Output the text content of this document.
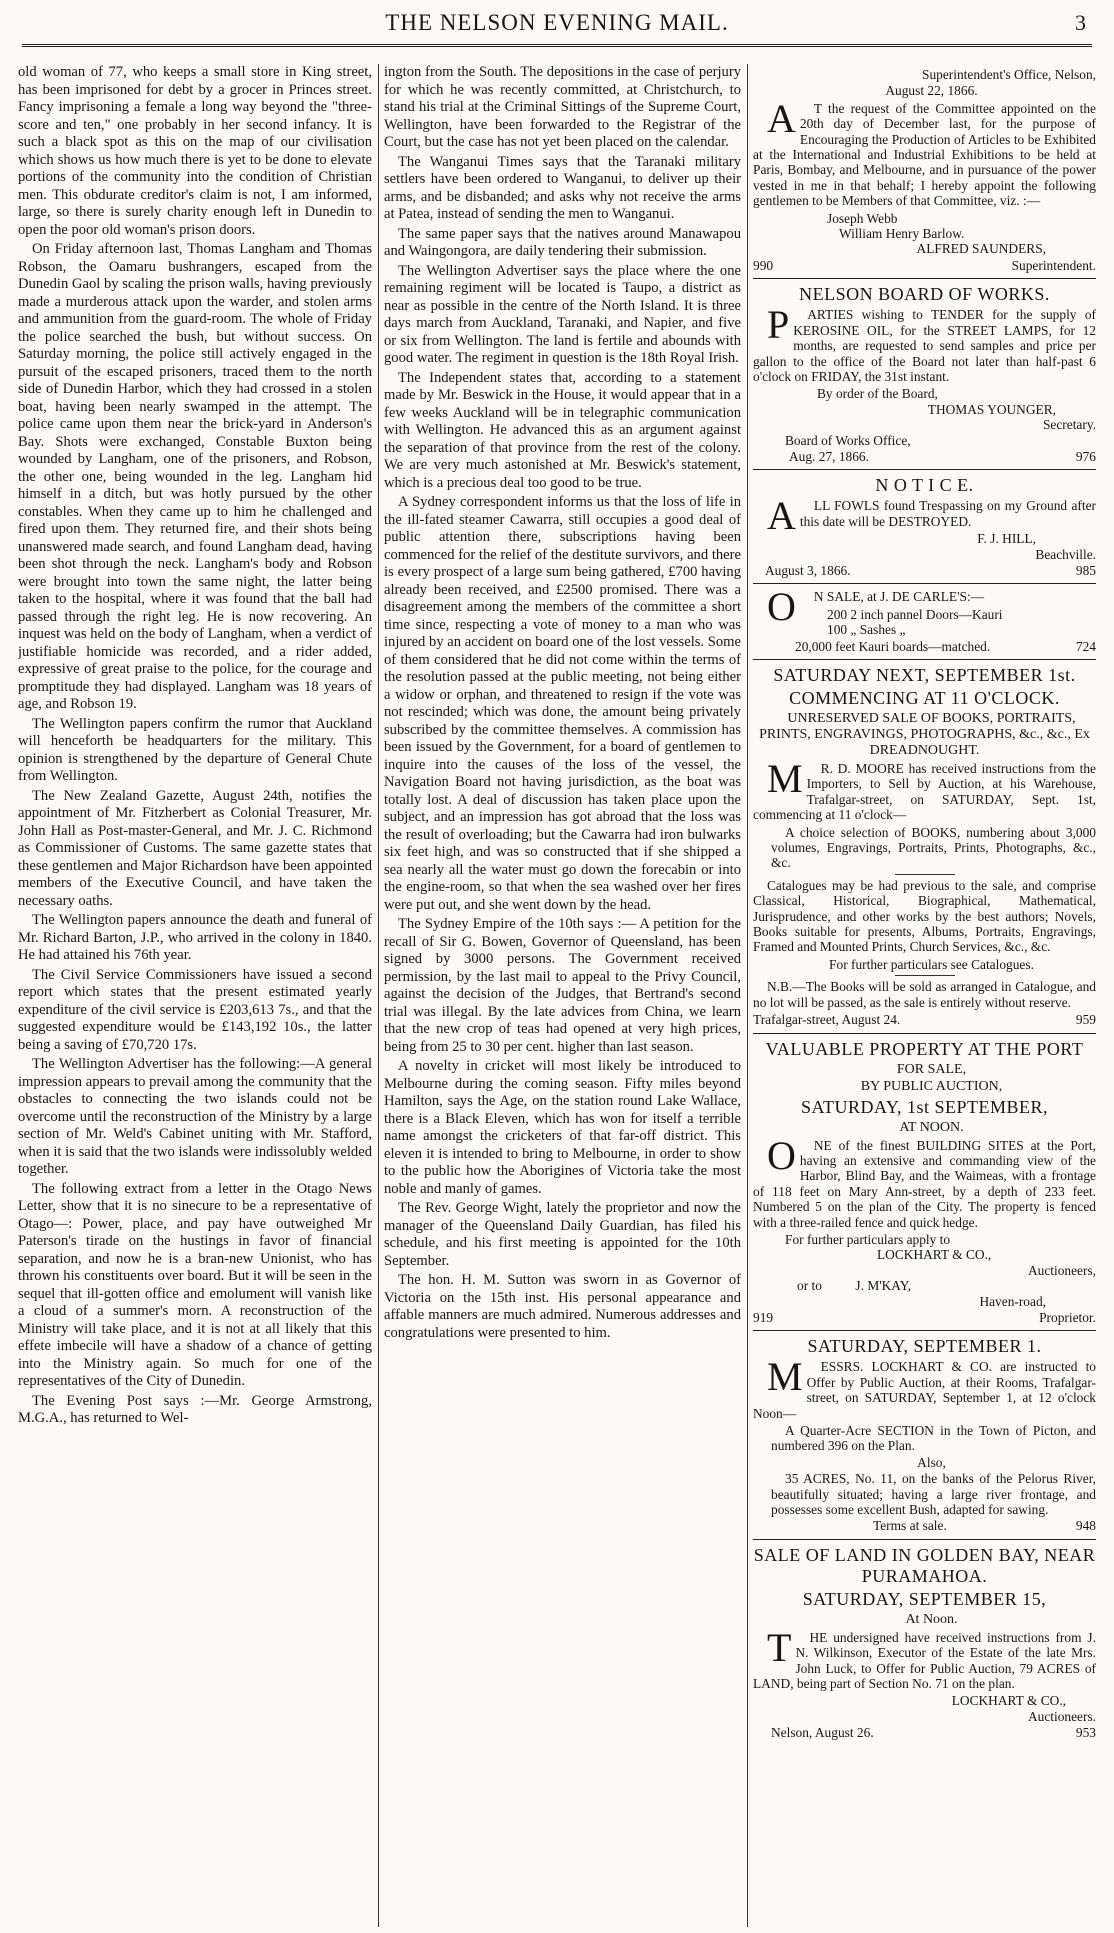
THE NELSON EVENING MAIL.	3

old woman of 77, who keeps a small store in King street, has been imprisoned for debt by a grocer in Princes street. Fancy imprisoning a female a long way beyond the "three-score and ten," one probably in her second infancy. It is such a black spot as this on the map of our civilisation which shows us how much there is yet to be done to elevate portions of the community into the condition of Christian men. This obdurate creditor's claim is not, I am informed, large, so there is surely charity enough left in Dunedin to open the poor old woman's prison doors.

On Friday afternoon last, Thomas Langham and Thomas Robson, the Oamaru bushrangers, escaped from the Dunedin Gaol by scaling the prison walls, having previously made a murderous attack upon the warder, and stolen arms and ammunition from the guard-room. The whole of Friday the police searched the bush, but without success. On Saturday morning, the police still actively engaged in the pursuit of the escaped prisoners, traced them to the north side of Dunedin Harbor, which they had crossed in a stolen boat, having been nearly swamped in the attempt. The police came upon them near the brick-yard in Anderson's Bay. Shots were exchanged, Constable Buxton being wounded by Langham, one of the prisoners, and Robson, the other one, being wounded in the leg. Langham hid himself in a ditch, but was hotly pursued by the other constables. When they came up to him he challenged and fired upon them. They returned fire, and their shots being unanswered made search, and found Langham dead, having been shot through the neck. Langham's body and Robson were brought into town the same night, the latter being taken to the hospital, where it was found that the ball had passed through the right leg. He is now recovering. An inquest was held on the body of Langham, when a verdict of justifiable homicide was recorded, and a rider added, expressive of great praise to the police, for the courage and promptitude they had displayed. Langham was 18 years of age, and Robson 19.

The Wellington papers confirm the rumor that Auckland will henceforth be headquarters for the military. This opinion is strengthened by the departure of General Chute from Wellington.

The New Zealand Gazette, August 24th, notifies the appointment of Mr. Fitzherbert as Colonial Treasurer, Mr. John Hall as Post-master-General, and Mr. J. C. Richmond as Commissioner of Customs. The same gazette states that these gentlemen and Major Richardson have been appointed members of the Executive Council, and have taken the necessary oaths.

The Wellington papers announce the death and funeral of Mr. Richard Barton, J.P., who arrived in the colony in 1840. He had attained his 76th year.

The Civil Service Commissioners have issued a second report which states that the present estimated yearly expenditure of the civil service is £203,613 7s., and that the suggested expenditure would be £143,192 10s., the latter being a saving of £70,720 17s.

The Wellington Advertiser has the following:—A general impression appears to prevail among the community that the obstacles to connecting the two islands could not be overcome until the reconstruction of the Ministry by a large section of Mr. Weld's Cabinet uniting with Mr. Stafford, when it is said that the two islands were indissolubly welded together.

The following extract from a letter in the Otago News Letter, show that it is no sinecure to be a representative of Otago—: Power, place, and pay have outweighed Mr Paterson's tirade on the hustings in favor of financial separation, and now he is a bran-new Unionist, who has thrown his constituents over board. But it will be seen in the sequel that ill-gotten office and emolument will vanish like a cloud of a summer's morn. A reconstruction of the Ministry will take place, and it is not at all likely that this effete imbecile will have a shadow of a chance of getting into the Ministry again. So much for one of the representatives of the City of Dunedin.

The Evening Post says :—Mr. George Armstrong, M.G.A., has returned to Wel-

ington from the South. The depositions in the case of perjury for which he was recently committed, at Christchurch, to stand his trial at the Criminal Sittings of the Supreme Court, Wellington, have been forwarded to the Registrar of the Court, but the case has not yet been placed on the calendar.

The Wanganui Times says that the Taranaki military settlers have been ordered to Wanganui, to deliver up their arms, and be disbanded; and asks why not receive the arms at Patea, instead of sending the men to Wanganui.

The same paper says that the natives around Manawapou and Waingongora, are daily tendering their submission.

The Wellington Advertiser says the place where the one remaining regiment will be located is Taupo, a district as near as possible in the centre of the North Island. It is three days march from Auckland, Taranaki, and Napier, and five or six from Wellington. The land is fertile and abounds with good water. The regiment in question is the 18th Royal Irish.

The Independent states that, according to a statement made by Mr. Beswick in the House, it would appear that in a few weeks Auckland will be in telegraphic communication with Wellington. He advanced this as an argument against the separation of that province from the rest of the colony. We are very much astonished at Mr. Beswick's statement, which is a precious deal too good to be true.

A Sydney correspondent informs us that the loss of life in the ill-fated steamer Cawarra, still occupies a good deal of public attention there, subscriptions having been commenced for the relief of the destitute survivors, and there is every prospect of a large sum being gathered, £700 having already been received, and £2500 promised. There was a disagreement among the members of the committee a short time since, respecting a vote of money to a man who was injured by an accident on board one of the lost vessels. Some of them considered that he did not come within the terms of the resolution passed at the public meeting, not being either a widow or orphan, and threatened to resign if the vote was not rescinded; which was done, the amount being privately subscribed by the committee themselves. A commission has been issued by the Government, for a board of gentlemen to inquire into the causes of the loss of the vessel, the Navigation Board not having jurisdiction, as the boat was totally lost. A deal of discussion has taken place upon the subject, and an impression has got abroad that the loss was the result of overloading; but the Cawarra had iron bulwarks six feet high, and was so constructed that if she shipped a sea nearly all the water must go down the forecabin or into the engine-room, so that when the sea washed over her fires were put out, and she went down by the head.

The Sydney Empire of the 10th says :— A petition for the recall of Sir G. Bowen, Governor of Queensland, has been signed by 3000 persons. The Government received permission, by the last mail to appeal to the Privy Council, against the decision of the Judges, that Bertrand's second trial was illegal. By the late advices from China, we learn that the new crop of teas had opened at very high prices, being from 25 to 30 per cent. higher than last season.

A novelty in cricket will most likely be introduced to Melbourne during the coming season. Fifty miles beyond Hamilton, says the Age, on the station round Lake Wallace, there is a Black Eleven, which has won for itself a terrible name amongst the cricketers of that far-off district. This eleven it is intended to bring to Melbourne, in order to show to the public how the Aborigines of Victoria take the most noble and manly of games.

The Rev. George Wight, lately the proprietor and now the manager of the Queensland Daily Guardian, has filed his schedule, and his first meeting is appointed for the 10th September.

The hon. H. M. Sutton was sworn in as Governor of Victoria on the 15th inst. His personal appearance and affable manners are much admired. Numerous addresses and congratulations were presented to him.

Superintendent's Office, Nelson,

August 22, 1866.

A T the request of the Committee appointed on the 20th day of December last, for the purpose of Encouraging the Production of Articles to be Exhibited at the International and Industrial Exhibitions to be held at Paris, Bombay, and Melbourne, and in pursuance of the power vested in me in that behalf; I hereby appoint the following gentlemen to be Members of that Committee, viz. :—

Joseph Webb

William Henry Barlow.

ALFRED SAUNDERS,

990	Superintendent.
NELSON BOARD OF WORKS.

P ARTIES wishing to TENDER for the supply of KEROSINE OIL, for the STREET LAMPS, for 12 months, are requested to send samples and price per gallon to the office of the Board not later than half-past 6 o'clock on FRIDAY, the 31st instant.

By order of the Board,

THOMAS YOUNGER,

Secretary.

Board of Works Office,

Aug. 27, 1866.	976
N O T I C E.

A LL FOWLS found Trespassing on my Ground after this date will be DESTROYED.

F. J. HILL,

Beachville.

August 3, 1866.	985

O N SALE, at J. DE CARLE'S:—

200 2 inch pannel Doors—Kauri

100 „ Sashes „

20,000 feet Kauri boards—matched.	724
SATURDAY NEXT, SEPTEMBER 1st.
COMMENCING AT 11 O'CLOCK.

UNRESERVED SALE OF BOOKS, PORTRAITS, PRINTS, ENGRAVINGS, PHOTOGRAPHS, &c., &c., Ex DREADNOUGHT.

M R. D. MOORE has received instructions from the Importers, to Sell by Auction, at his Warehouse, Trafalgar-street, on SATURDAY, Sept. 1st, commencing at 11 o'clock—

A choice selection of BOOKS, numbering about 3,000 volumes, Engravings, Portraits, Prints, Photographs, &c., &c.

Catalogues may be had previous to the sale, and comprise Classical, Historical, Biographical, Mathematical, Jurisprudence, and other works by the best authors; Novels, Books suitable for presents, Albums, Portraits, Engravings, Framed and Mounted Prints, Church Services, &c., &c.

For further particulars see Catalogues.

N.B.—The Books will be sold as arranged in Catalogue, and no lot will be passed, as the sale is entirely without reserve.

Trafalgar-street, August 24.	959
VALUABLE PROPERTY AT THE PORT

FOR SALE,

BY PUBLIC AUCTION,

SATURDAY, 1st SEPTEMBER,

AT NOON.

O NE of the finest BUILDING SITES at the Port, having an extensive and commanding view of the Harbor, Blind Bay, and the Waimeas, with a frontage of 118 feet on Mary Ann-street, by a depth of 233 feet. Numbered 5 on the plan of the City. The property is fenced with a three-railed fence and quick hedge.

For further particulars apply to

LOCKHART & CO.,

Auctioneers,

or to J. M'KAY,

Haven-road,

919	Proprietor.
SATURDAY, SEPTEMBER 1.

M ESSRS. LOCKHART & CO. are instructed to Offer by Public Auction, at their Rooms, Trafalgar-street, on SATURDAY, September 1, at 12 o'clock Noon—

A Quarter-Acre SECTION in the Town of Picton, and numbered 396 on the Plan.

Also,

35 ACRES, No. 11, on the banks of the Pelorus River, beautifully situated; having a large river frontage, and possesses some excellent Bush, adapted for sawing.

Terms at sale.	948
SALE OF LAND IN GOLDEN BAY, NEAR PURAMAHOA.
SATURDAY, SEPTEMBER 15,

At Noon.

T HE undersigned have received instructions from J. N. Wilkinson, Executor of the Estate of the late Mrs. John Luck, to Offer for Public Auction, 79 ACRES of LAND, being part of Section No. 71 on the plan.

LOCKHART & CO.,

Auctioneers.

Nelson, August 26.	953
